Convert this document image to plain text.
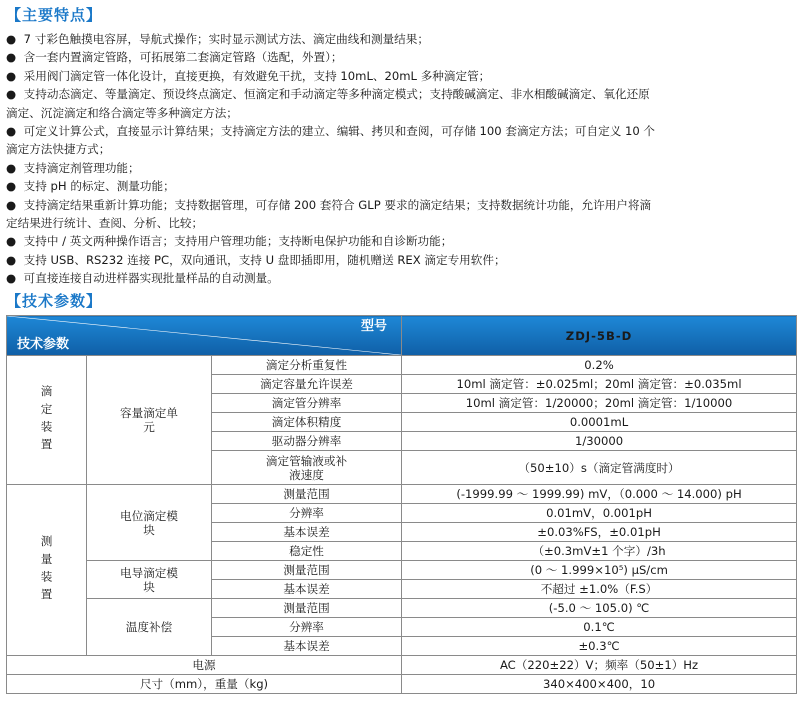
【主要特点】
● 7 寸彩色触摸电容屏，导航式操作；实时显示测试方法、滴定曲线和测量结果；
● 含一套内置滴定管路，可拓展第二套滴定管路（选配，外置）；
● 采用阀门滴定管一体化设计，直接更换，有效避免干扰，支持 10mL、20mL 多种滴定管；
● 支持动态滴定、等量滴定、预设终点滴定、恒滴定和手动滴定等多种滴定模式；支持酸碱滴定、非水相酸碱滴定、氧化还原
滴定、沉淀滴定和络合滴定等多种滴定方法；
● 可定义计算公式，直接显示计算结果；支持滴定方法的建立、编辑、拷贝和查阅，可存储 100 套滴定方法；可自定义 10 个
滴定方法快捷方式；
● 支持滴定剂管理功能；
● 支持 pH 的标定、测量功能；
● 支持滴定结果重新计算功能；支持数据管理，可存储 200 套符合 GLP 要求的滴定结果；支持数据统计功能，允许用户将滴
定结果进行统计、查阅、分析、比较；
● 支持中 / 英文两种操作语言；支持用户管理功能；支持断电保护功能和自诊断功能；
● 支持 USB、RS232 连接 PC，双向通讯，支持 U 盘即插即用，随机赠送 REX 滴定专用软件；
● 可直接连接自动进样器实现批量样品的自动测量。
【技术参数】
型号
技术参数			ZDJ-5B-D

滴定装置	容量滴定单元	滴定分析重复性	0.2%
		滴定容量允许误差	10ml 滴定管：±0.025ml；20ml 滴定管：±0.035ml
		滴定管分辨率	10ml 滴定管：1/20000；20ml 滴定管：1/10000
		滴定体积精度	0.0001mL
		驱动器分辨率	1/30000

		滴定管输液或补液速度	（50±10）s（滴定管满度时）

测量装置	电位滴定模块	测量范围	(-1999.99 ～ 1999.99) mV，（0.000 ～ 14.000) pH
		分辨率	0.01mV，0.001pH
		基本误差	±0.03%FS，±0.01pH
		稳定性	（±0.3mV±1 个字）/3h

	电导滴定模块	测量范围	(0 ～ 1.999×10⁵) μS/cm
		基本误差	不超过 ±1.0%（F.S）
	温度补偿	测量范围	(-5.0 ～ 105.0) ℃
		分辨率	0.1℃
		基本误差	±0.3℃
电源			AC（220±22）V；频率（50±1）Hz
尺寸（mm），重量（kg)			340×400×400，10
